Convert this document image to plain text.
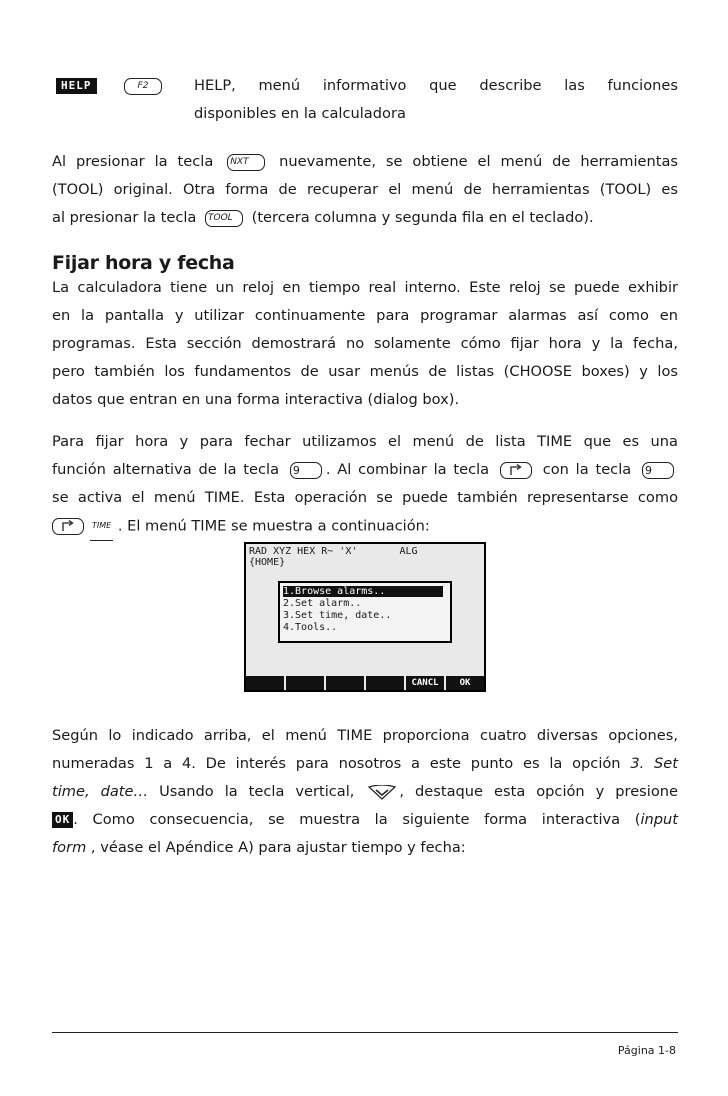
HELP	F2	HELP, menú informativo que describe las funciones
disponibles en la calculadora
Al presionar la tecla NXT nuevamente, se obtiene el menú de herramientas
(TOOL) original. Otra forma de recuperar el menú de herramientas (TOOL) es
al presionar la tecla TOOL (tercera columna y segunda fila en el teclado).
Fijar hora y fecha
La calculadora tiene un reloj en tiempo real interno. Este reloj se puede exhibir
en la pantalla y utilizar continuamente para programar alarmas así como en
programas. Esta sección demostrará no solamente cómo fijar hora y la fecha,
pero también los fundamentos de usar menús de listas (CHOOSE boxes) y los
datos que entran en una forma interactiva (dialog box).
Para fijar hora y para fechar utilizamos el menú de lista TIME que es una
función alternativa de la tecla 9 . Al combinar la tecla	con la tecla 9
se activa el menú TIME. Esta operación se puede también representarse como
TIME . El menú TIME se muestra a continuación:
RAD XYZ HEX R~ 'X'       ALG
{HOME}
1.Browse alarms..
2.Set alarm..
3.Set time, date..
4.Tools..
CANCL	OK
Según lo indicado arriba, el menú TIME proporciona cuatro diversas opciones,
numeradas 1 a 4. De interés para nosotros a este punto es la opción 3. Set
time, date… Usando la tecla vertical,	, destaque esta opción y presione
OK . Como consecuencia, se muestra la siguiente forma interactiva (input
form , véase el Apéndice A) para ajustar tiempo y fecha:
Página 1-8
